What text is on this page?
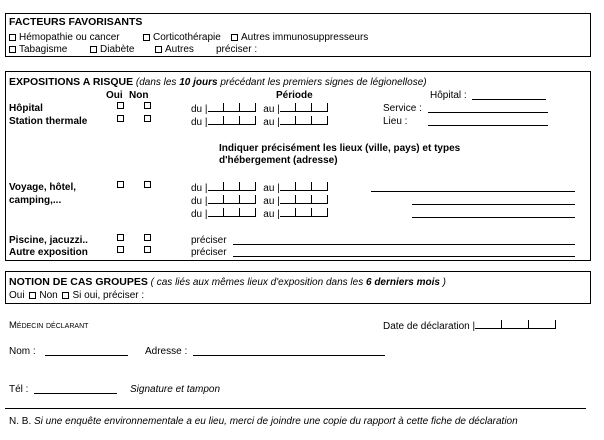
FACTEURS FAVORISANTS
Hémopathie ou cancer	Corticothérapie	Autres immunosuppresseurs
Tabagisme	Diabète	Autres préciser :
EXPOSITIONS A RISQUE (dans les 10 jours précédant les premiers signes de légionellose)
Oui Non	Période	Hôpital :
Hôpital	du |	au |	Service :
Station thermale	du |	au |	Lieu :
Indiquer précisément les lieux (ville, pays) et types
d'hébergement (adresse)
Voyage, hôtel,
camping,...
du |	au |
du |	au |
du |	au |
Piscine, jacuzzi..	préciser
Autre exposition	préciser
NOTION DE CAS GROUPES ( cas liés aux mêmes lieux d'exposition dans les 6 derniers mois )
Oui Non Si oui, préciser :
Médecin déclarant	Date de déclaration |
Nom :	Adresse :
Tél :	Signature et tampon
N. B. Si une enquête environnementale a eu lieu, merci de joindre une copie du rapport à cette fiche de déclaration
